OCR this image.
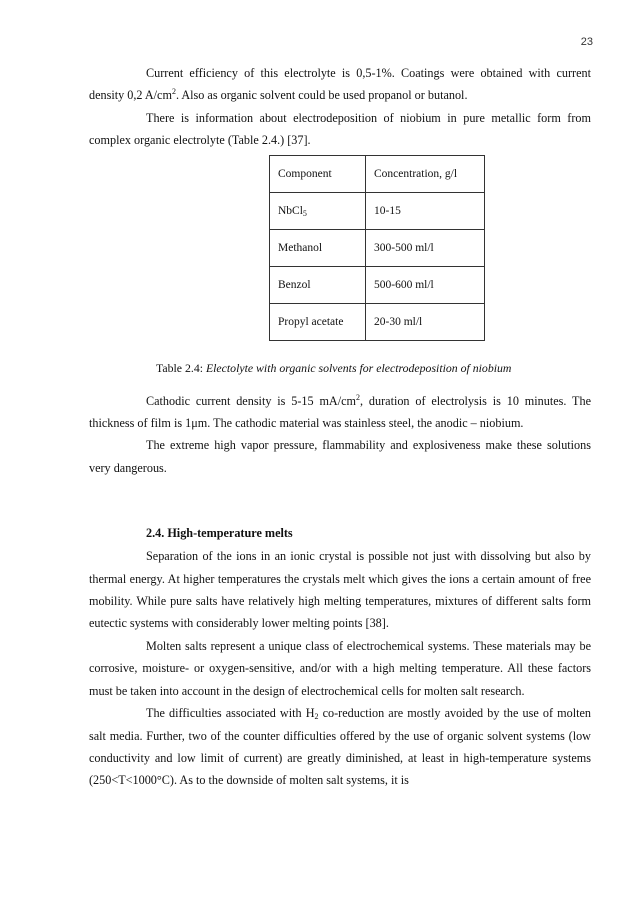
23

Current efficiency of this electrolyte is 0,5-1%. Coatings were obtained with current density 0,2 $A/cm^2$. Also as organic solvent could be used propanol or butanol.

There is information about electrodeposition of niobium in pure metallic form from complex organic electrolyte (Table 2.4.) [37].

Component	Concentration, g/l
NbCl$_5$	10-15
Methanol	300-500 ml/l
Benzol	500-600 ml/l
Propyl acetate	20-30 ml/l
Table 2.4: Electolyte with organic solvents for electrodeposition of niobium

Cathodic current density is 5-15 $mA/cm^2$, duration of electrolysis is 10 minutes. The thickness of film is 1μm. The cathodic material was stainless steel, the anodic – niobium.

The extreme high vapor pressure, flammability and explosiveness make these solutions very dangerous.

2.4. High-temperature melts

Separation of the ions in an ionic crystal is possible not just with dissolving but also by thermal energy. At higher temperatures the crystals melt which gives the ions a certain amount of free mobility. While pure salts have relatively high melting temperatures, mixtures of different salts form eutectic systems with considerably lower melting points [38].

Molten salts represent a unique class of electrochemical systems. These materials may be corrosive, moisture- or oxygen-sensitive, and/or with a high melting temperature. All these factors must be taken into account in the design of electrochemical cells for molten salt research.

The difficulties associated with $H_2$ co-reduction are mostly avoided by the use of molten salt media. Further, two of the counter difficulties offered by the use of organic solvent systems (low conductivity and low limit of current) are greatly diminished, at least in high-temperature systems (250<T<1000°C). As to the downside of molten salt systems, it is
